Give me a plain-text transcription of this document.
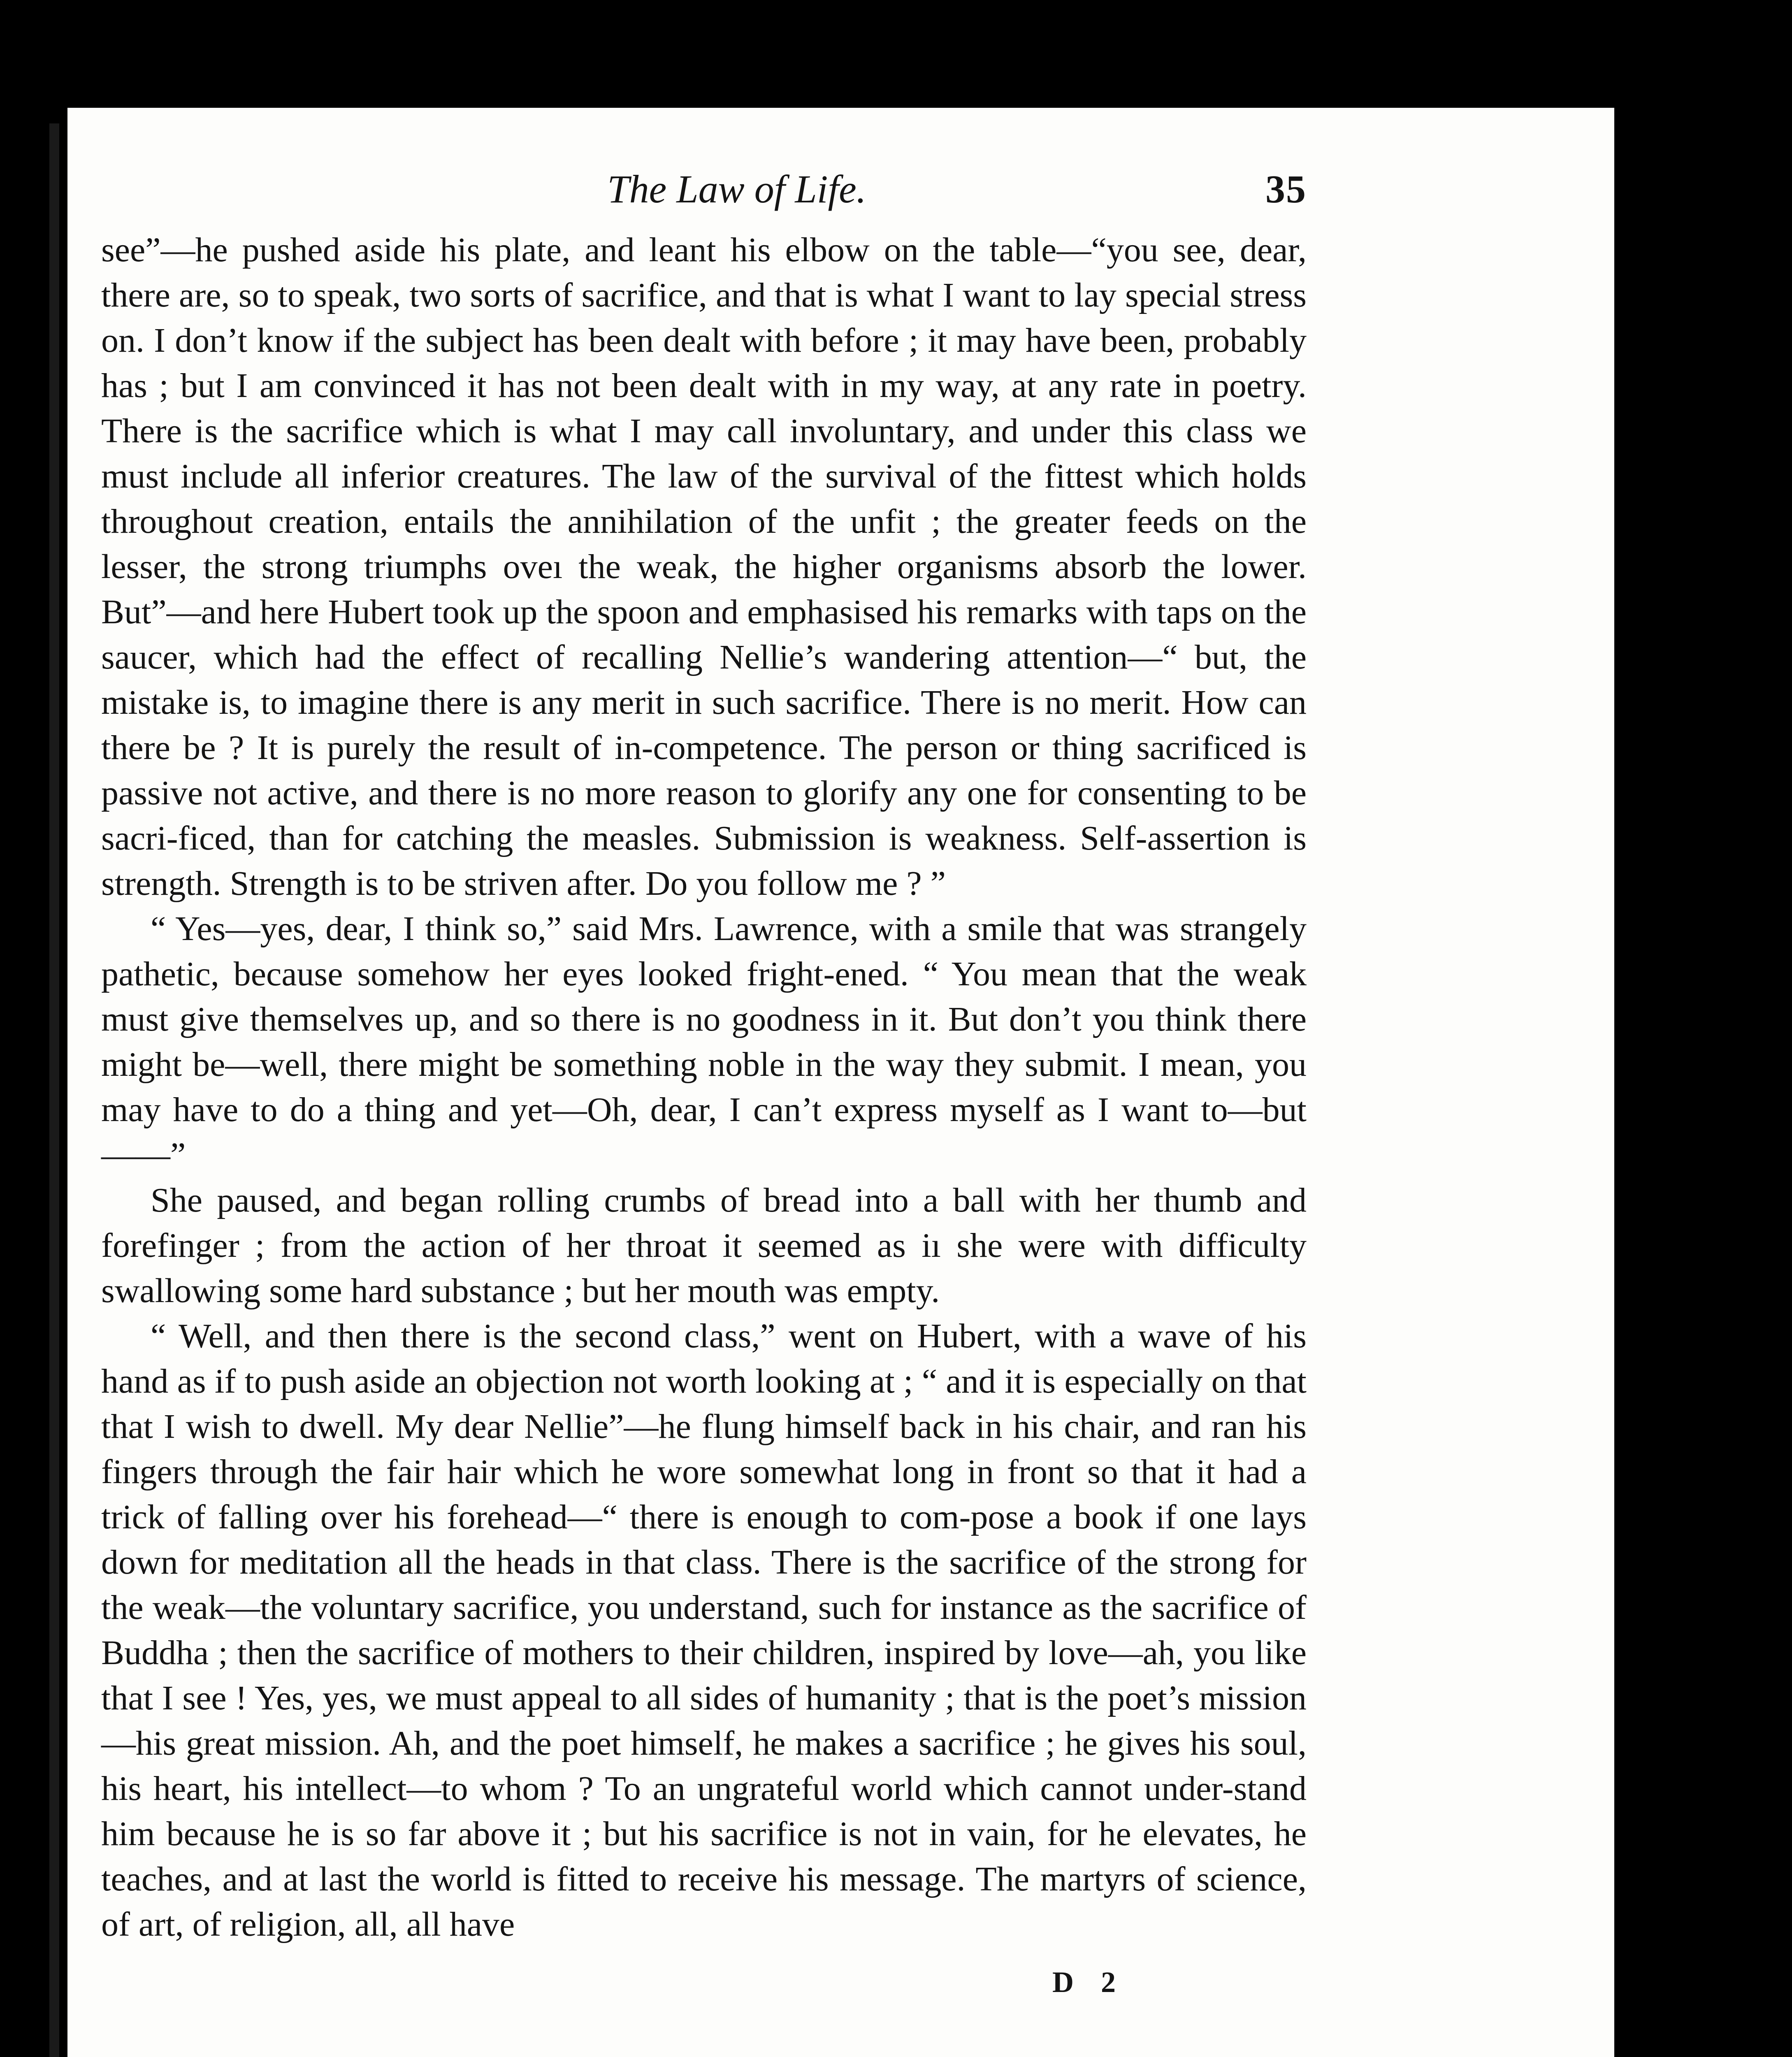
The Law of Life.	35

see”—he pushed aside his plate, and leant his elbow on the table—“you see, dear, there are, so to speak, two sorts of sacrifice, and that is what I want to lay special stress on. I don’t know if the subject has been dealt with before ; it may have been, probably has ; but I am convinced it has not been dealt with in my way, at any rate in poetry. There is the sacrifice which is what I may call involuntary, and under this class we must include all inferior creatures. The law of the survival of the fittest which holds throughout creation, entails the annihilation of the unfit ; the greater feeds on the lesser, the strong triumphs oveı the weak, the higher organisms absorb the lower. But”—and here Hubert took up the spoon and emphasised his remarks with taps on the saucer, which had the effect of recalling Nellie’s wandering attention—“ but, the mistake is, to imagine there is any merit in such sacrifice. There is no merit. How can there be ? It is purely the result of in-competence. The person or thing sacrificed is passive not active, and there is no more reason to glorify any one for consenting to be sacri-ficed, than for catching the measles. Submission is weakness. Self-assertion is strength. Strength is to be striven after. Do you follow me ? ”

“ Yes—yes, dear, I think so,” said Mrs. Lawrence, with a smile that was strangely pathetic, because somehow her eyes looked fright-ened. “ You mean that the weak must give themselves up, and so there is no goodness in it. But don’t you think there might be—well, there might be something noble in the way they submit. I mean, you may have to do a thing and yet—Oh, dear, I can’t express myself as I want to—but——”

She paused, and began rolling crumbs of bread into a ball with her thumb and forefinger ; from the action of her throat it seemed as iı she were with difficulty swallowing some hard substance ; but her mouth was empty.

“ Well, and then there is the second class,” went on Hubert, with a wave of his hand as if to push aside an objection not worth looking at ; “ and it is especially on that that I wish to dwell. My dear Nellie”—he flung himself back in his chair, and ran his fingers through the fair hair which he wore somewhat long in front so that it had a trick of falling over his forehead—“ there is enough to com-pose a book if one lays down for meditation all the heads in that class. There is the sacrifice of the strong for the weak—the voluntary sacrifice, you understand, such for instance as the sacrifice of Buddha ; then the sacrifice of mothers to their children, inspired by love—ah, you like that I see ! Yes, yes, we must appeal to all sides of humanity ; that is the poet’s mission—his great mission. Ah, and the poet himself, he makes a sacrifice ; he gives his soul, his heart, his intellect—to whom ? To an ungrateful world which cannot under-stand him because he is so far above it ; but his sacrifice is not in vain, for he elevates, he teaches, and at last the world is fitted to receive his message. The martyrs of science, of art, of religion, all, all have

D 2
